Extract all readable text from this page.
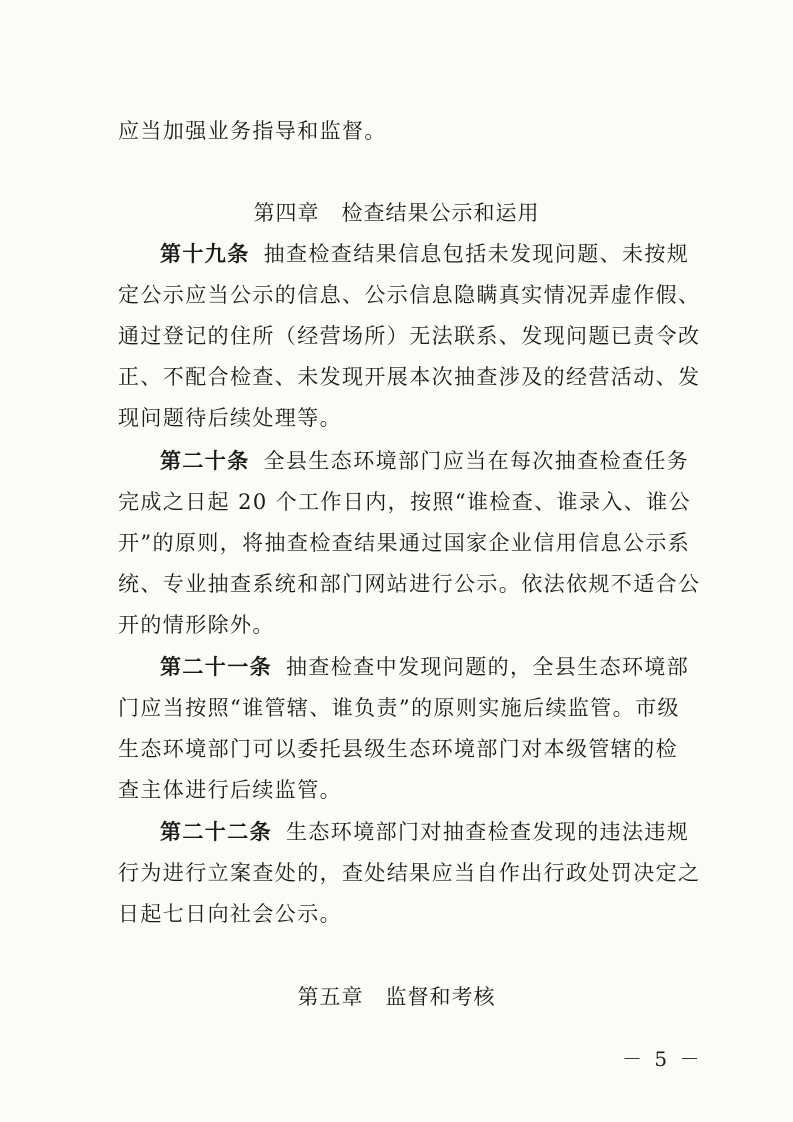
应当加强业务指导和监督。
第四章　检查结果公示和运用
第十九条 抽查检查结果信息包括未发现问题、未按规
定公示应当公示的信息、公示信息隐瞒真实情况弄虚作假、
通过登记的住所（经营场所）无法联系、发现问题已责令改
正、不配合检查、未发现开展本次抽查涉及的经营活动、发
现问题待后续处理等。
第二十条 全县生态环境部门应当在每次抽查检查任务
完成之日起 20 个工作日内，按照“谁检查、谁录入、谁公
开”的原则，将抽查检查结果通过国家企业信用信息公示系
统、专业抽查系统和部门网站进行公示。依法依规不适合公
开的情形除外。
第二十一条 抽查检查中发现问题的，全县生态环境部
门应当按照“谁管辖、谁负责”的原则实施后续监管。市级
生态环境部门可以委托县级生态环境部门对本级管辖的检
查主体进行后续监管。
第二十二条 生态环境部门对抽查检查发现的违法违规
行为进行立案查处的，查处结果应当自作出行政处罚决定之
日起七日向社会公示。
第五章　监督和考核
－ 5 －
